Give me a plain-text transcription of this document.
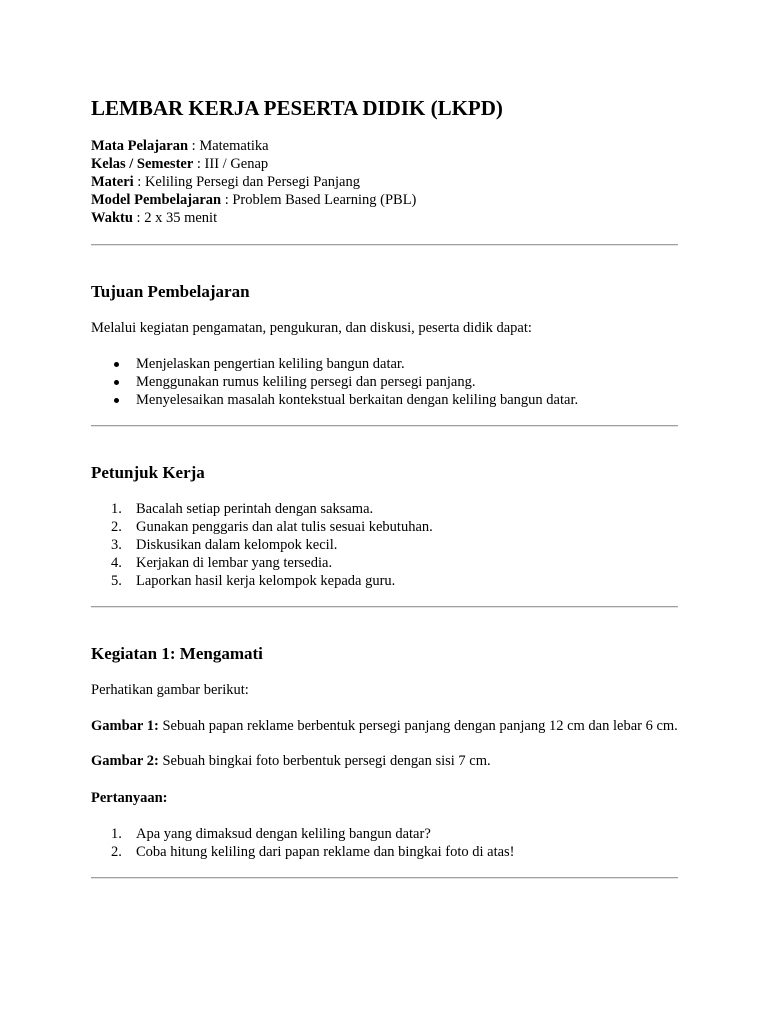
LEMBAR KERJA PESERTA DIDIK (LKPD)
Mata Pelajaran : Matematika
Kelas / Semester : III / Genap
Materi : Keliling Persegi dan Persegi Panjang
Model Pembelajaran : Problem Based Learning (PBL)
Waktu : 2 x 35 menit
Tujuan Pembelajaran

Melalui kegiatan pengamatan, pengukuran, dan diskusi, peserta didik dapat:

Menjelaskan pengertian keliling bangun datar.
Menggunakan rumus keliling persegi dan persegi panjang.
Menyelesaikan masalah kontekstual berkaitan dengan keliling bangun datar.
Petunjuk Kerja
1. Bacalah setiap perintah dengan saksama.
2. Gunakan penggaris dan alat tulis sesuai kebutuhan.
3. Diskusikan dalam kelompok kecil.
4. Kerjakan di lembar yang tersedia.
5. Laporkan hasil kerja kelompok kepada guru.
Kegiatan 1: Mengamati

Perhatikan gambar berikut:

Gambar 1: Sebuah papan reklame berbentuk persegi panjang dengan panjang 12 cm dan lebar 6 cm.

Gambar 2: Sebuah bingkai foto berbentuk persegi dengan sisi 7 cm.

Pertanyaan:

1. Apa yang dimaksud dengan keliling bangun datar?
2. Coba hitung keliling dari papan reklame dan bingkai foto di atas!
